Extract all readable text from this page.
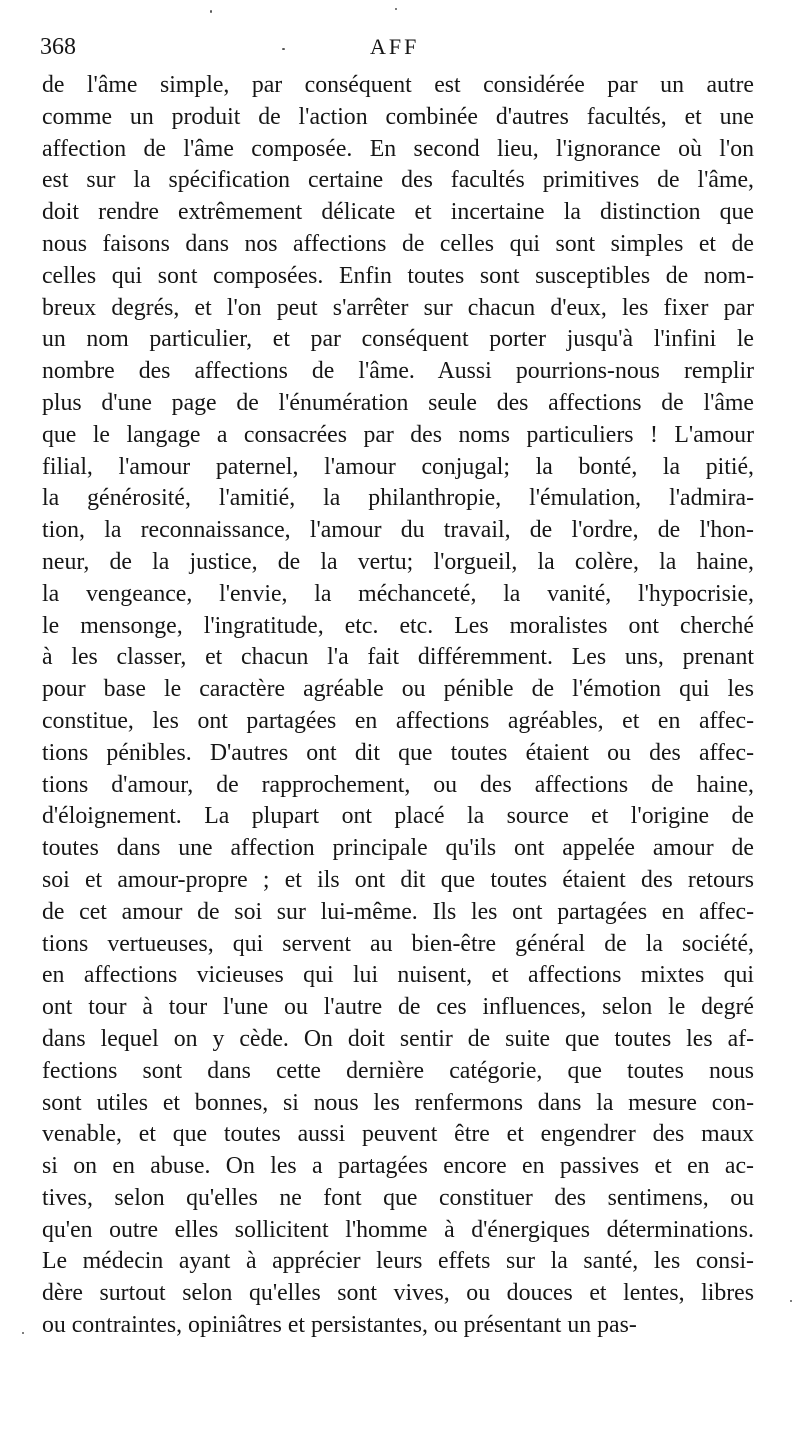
368	AFF
de l'âme simple, par conséquent est considérée par un autre
comme un produit de l'action combinée d'autres facultés, et une
affection de l'âme composée. En second lieu, l'ignorance où l'on
est sur la spécification certaine des facultés primitives de l'âme,
doit rendre extrêmement délicate et incertaine la distinction que
nous faisons dans nos affections de celles qui sont simples et de
celles qui sont composées. Enfin toutes sont susceptibles de nom-
breux degrés, et l'on peut s'arrêter sur chacun d'eux, les fixer par
un nom particulier, et par conséquent porter jusqu'à l'infini le
nombre des affections de l'âme. Aussi pourrions-nous remplir
plus d'une page de l'énumération seule des affections de l'âme
que le langage a consacrées par des noms particuliers ! L'amour
filial, l'amour paternel, l'amour conjugal; la bonté, la pitié,
la générosité, l'amitié, la philanthropie, l'émulation, l'admira-
tion, la reconnaissance, l'amour du travail, de l'ordre, de l'hon-
neur, de la justice, de la vertu; l'orgueil, la colère, la haine,
la vengeance, l'envie, la méchanceté, la vanité, l'hypocrisie,
le mensonge, l'ingratitude, etc. etc. Les moralistes ont cherché
à les classer, et chacun l'a fait différemment. Les uns, prenant
pour base le caractère agréable ou pénible de l'émotion qui les
constitue, les ont partagées en affections agréables, et en affec-
tions pénibles. D'autres ont dit que toutes étaient ou des affec-
tions d'amour, de rapprochement, ou des affections de haine,
d'éloignement. La plupart ont placé la source et l'origine de
toutes dans une affection principale qu'ils ont appelée amour de
soi et amour-propre ; et ils ont dit que toutes étaient des retours
de cet amour de soi sur lui-même. Ils les ont partagées en affec-
tions vertueuses, qui servent au bien-être général de la société,
en affections vicieuses qui lui nuisent, et affections mixtes qui
ont tour à tour l'une ou l'autre de ces influences, selon le degré
dans lequel on y cède. On doit sentir de suite que toutes les af-
fections sont dans cette dernière catégorie, que toutes nous
sont utiles et bonnes, si nous les renfermons dans la mesure con-
venable, et que toutes aussi peuvent être et engendrer des maux
si on en abuse. On les a partagées encore en passives et en ac-
tives, selon qu'elles ne font que constituer des sentimens, ou
qu'en outre elles sollicitent l'homme à d'énergiques déterminations.
Le médecin ayant à apprécier leurs effets sur la santé, les consi-
dère surtout selon qu'elles sont vives, ou douces et lentes, libres
ou contraintes, opiniâtres et persistantes, ou présentant un pas-
